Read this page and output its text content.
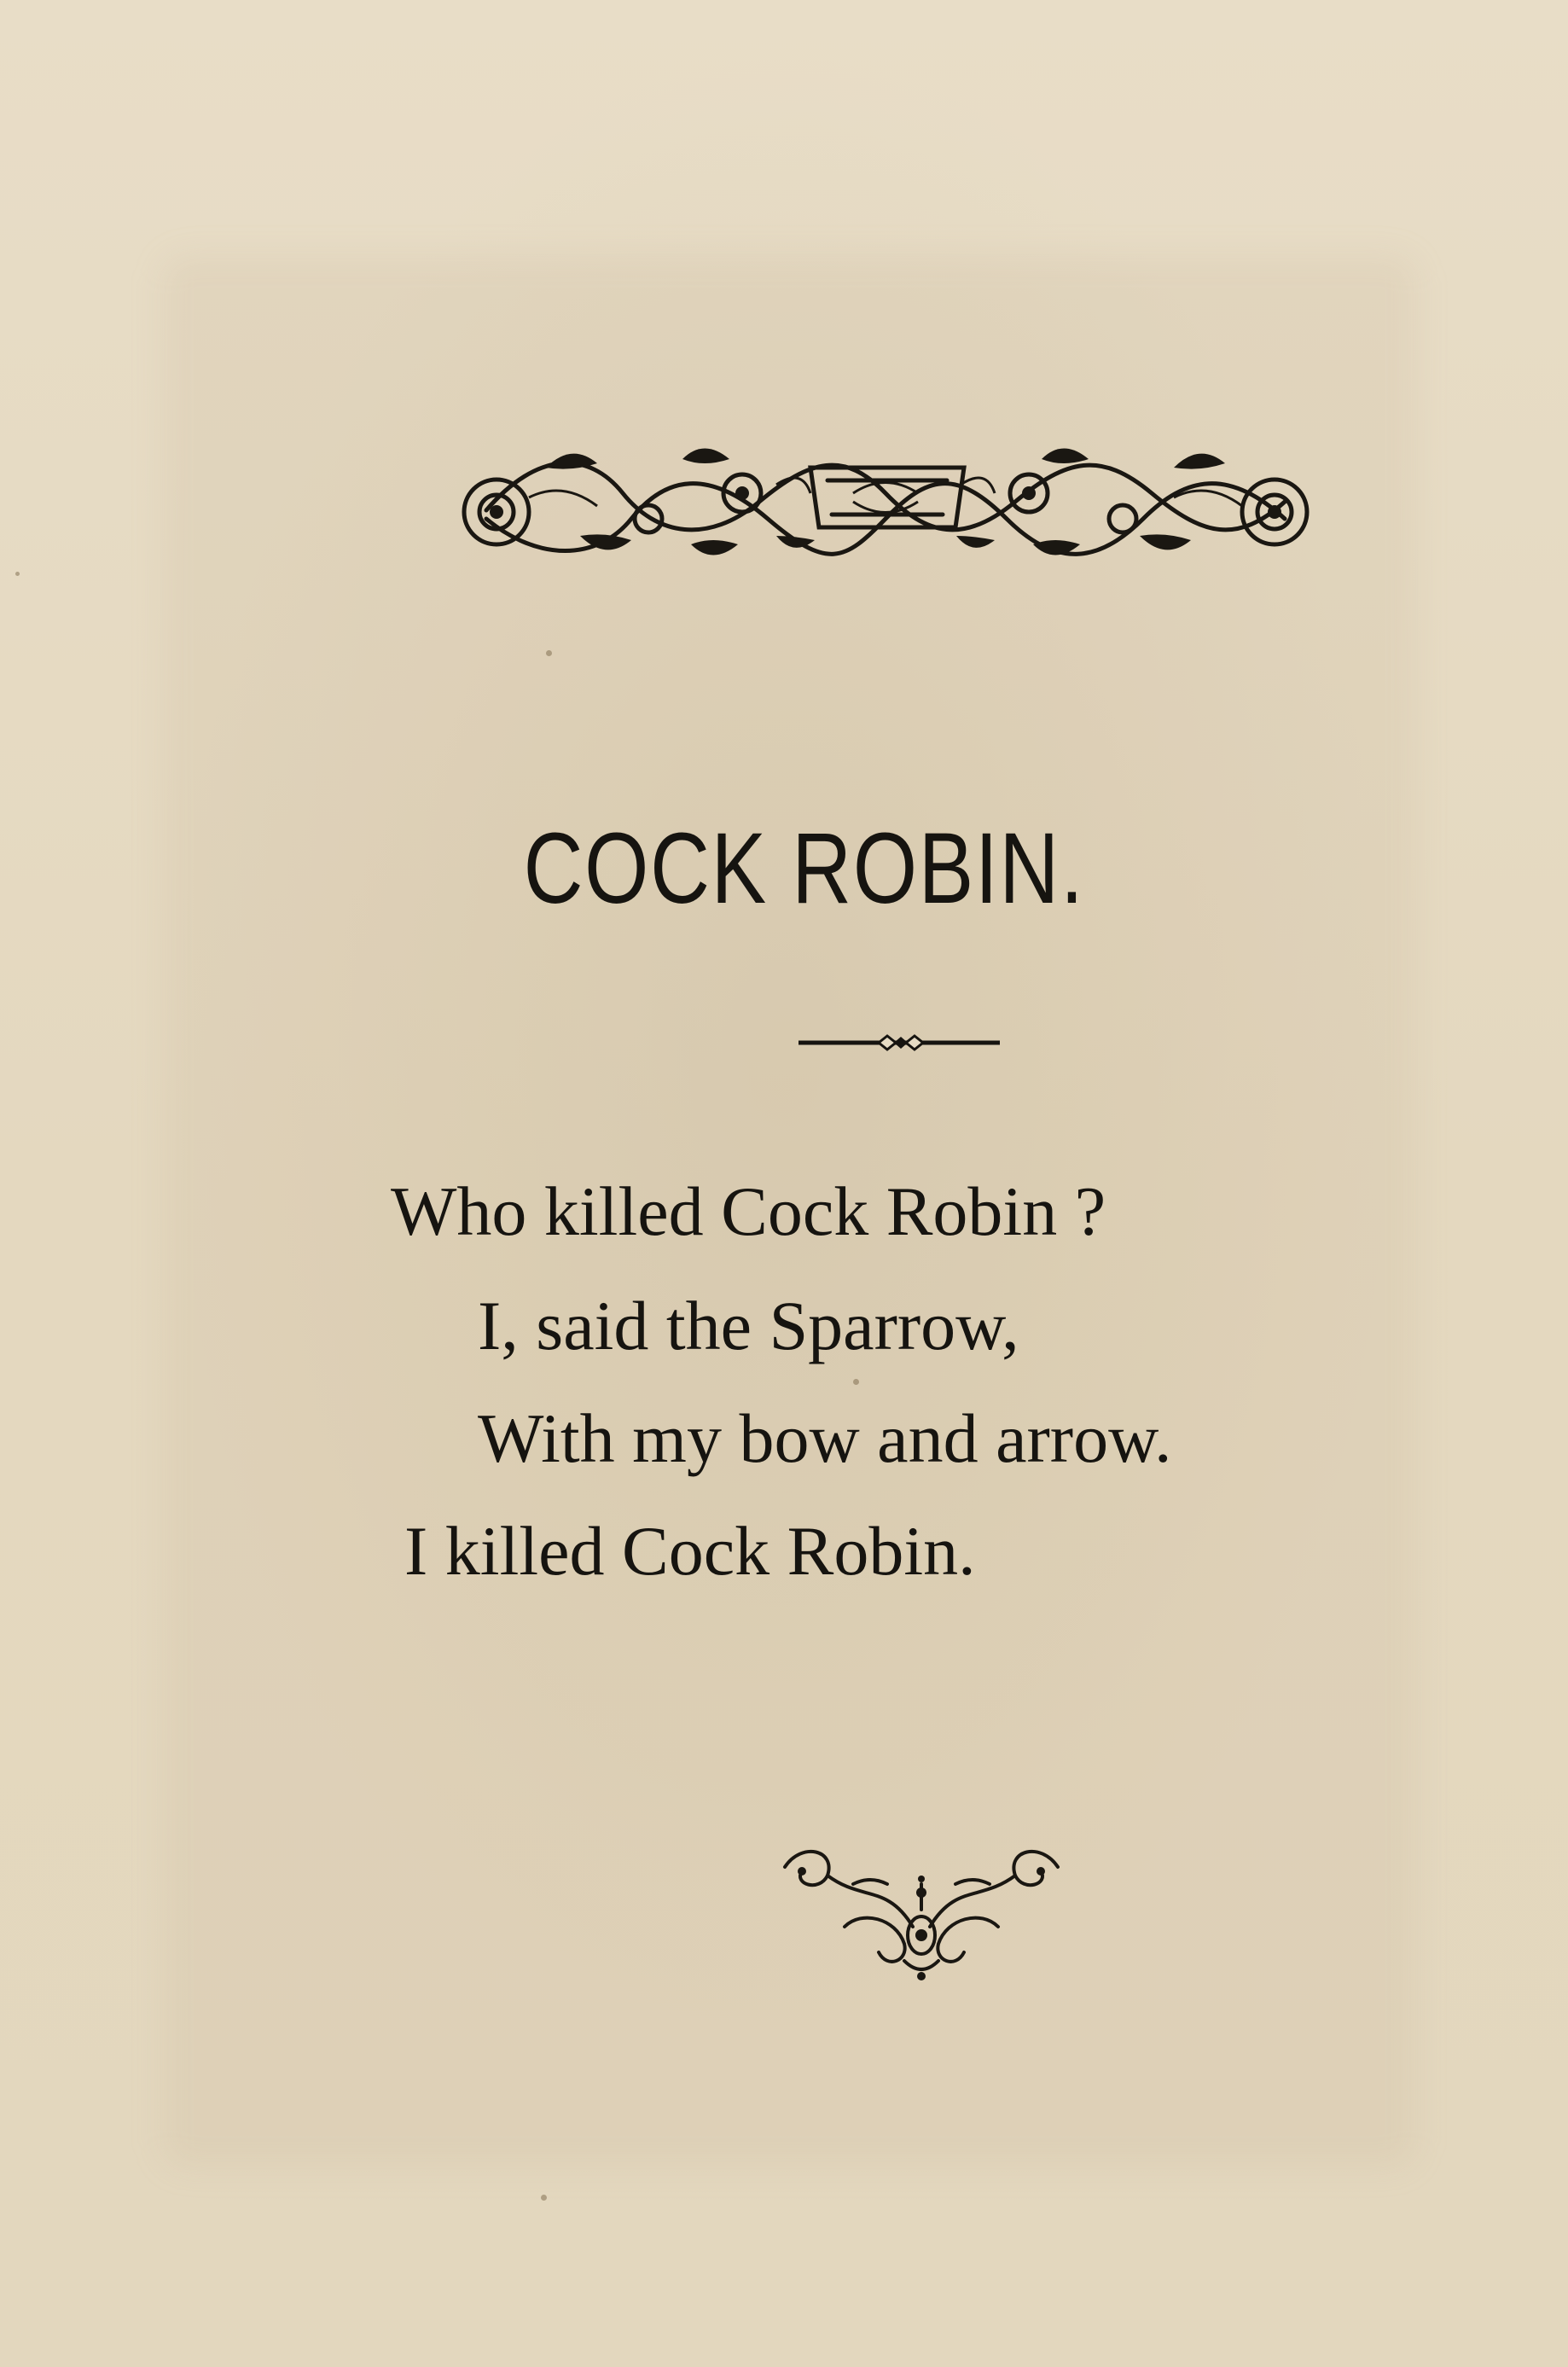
COCK ROBIN.
Who killed Cock Robin ?
I, said the Sparrow,
With my bow and arrow.
I killed Cock Robin.
